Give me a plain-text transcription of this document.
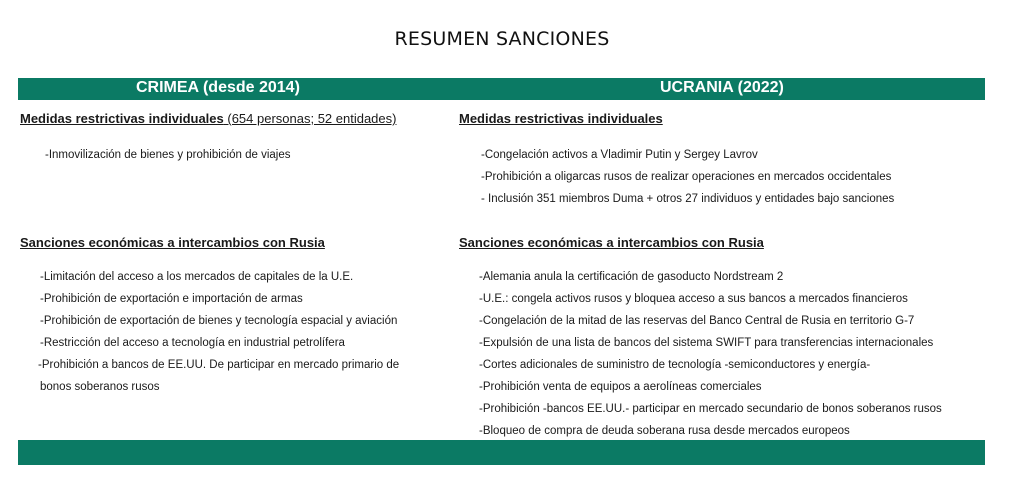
RESUMEN SANCIONES
CRIMEA (desde 2014)	UCRANIA (2022)
Medidas restrictivas individuales (654 personas; 52 entidades)
-Inmovilización de bienes y prohibición de viajes
Sanciones económicas a intercambios con Rusia
-Limitación del acceso a los mercados de capitales de la U.E.
-Prohibición de exportación e importación de armas
-Prohibición de exportación de bienes y tecnología espacial y aviación
-Restricción del acceso a tecnología en industrial petrolífera
-Prohibición a bancos de EE.UU. De participar en mercado primario de
bonos soberanos rusos
Medidas restrictivas individuales
-Congelación activos a Vladimir Putin y Sergey Lavrov
-Prohibición a oligarcas rusos de realizar operaciones en mercados occidentales
- Inclusión 351 miembros Duma + otros 27 individuos y entidades bajo sanciones
Sanciones económicas a intercambios con Rusia
-Alemania anula la certificación de gasoducto Nordstream 2
-U.E.: congela activos rusos y bloquea acceso a sus bancos a mercados financieros
-Congelación de la mitad de las reservas del Banco Central de Rusia en territorio G-7
-Expulsión de una lista de bancos del sistema SWIFT para transferencias internacionales
-Cortes adicionales de suministro de tecnología -semiconductores y energía-
-Prohibición venta de equipos a aerolíneas comerciales
-Prohibición -bancos EE.UU.- participar en mercado secundario de bonos soberanos rusos
-Bloqueo de compra de deuda soberana rusa desde mercados europeos
